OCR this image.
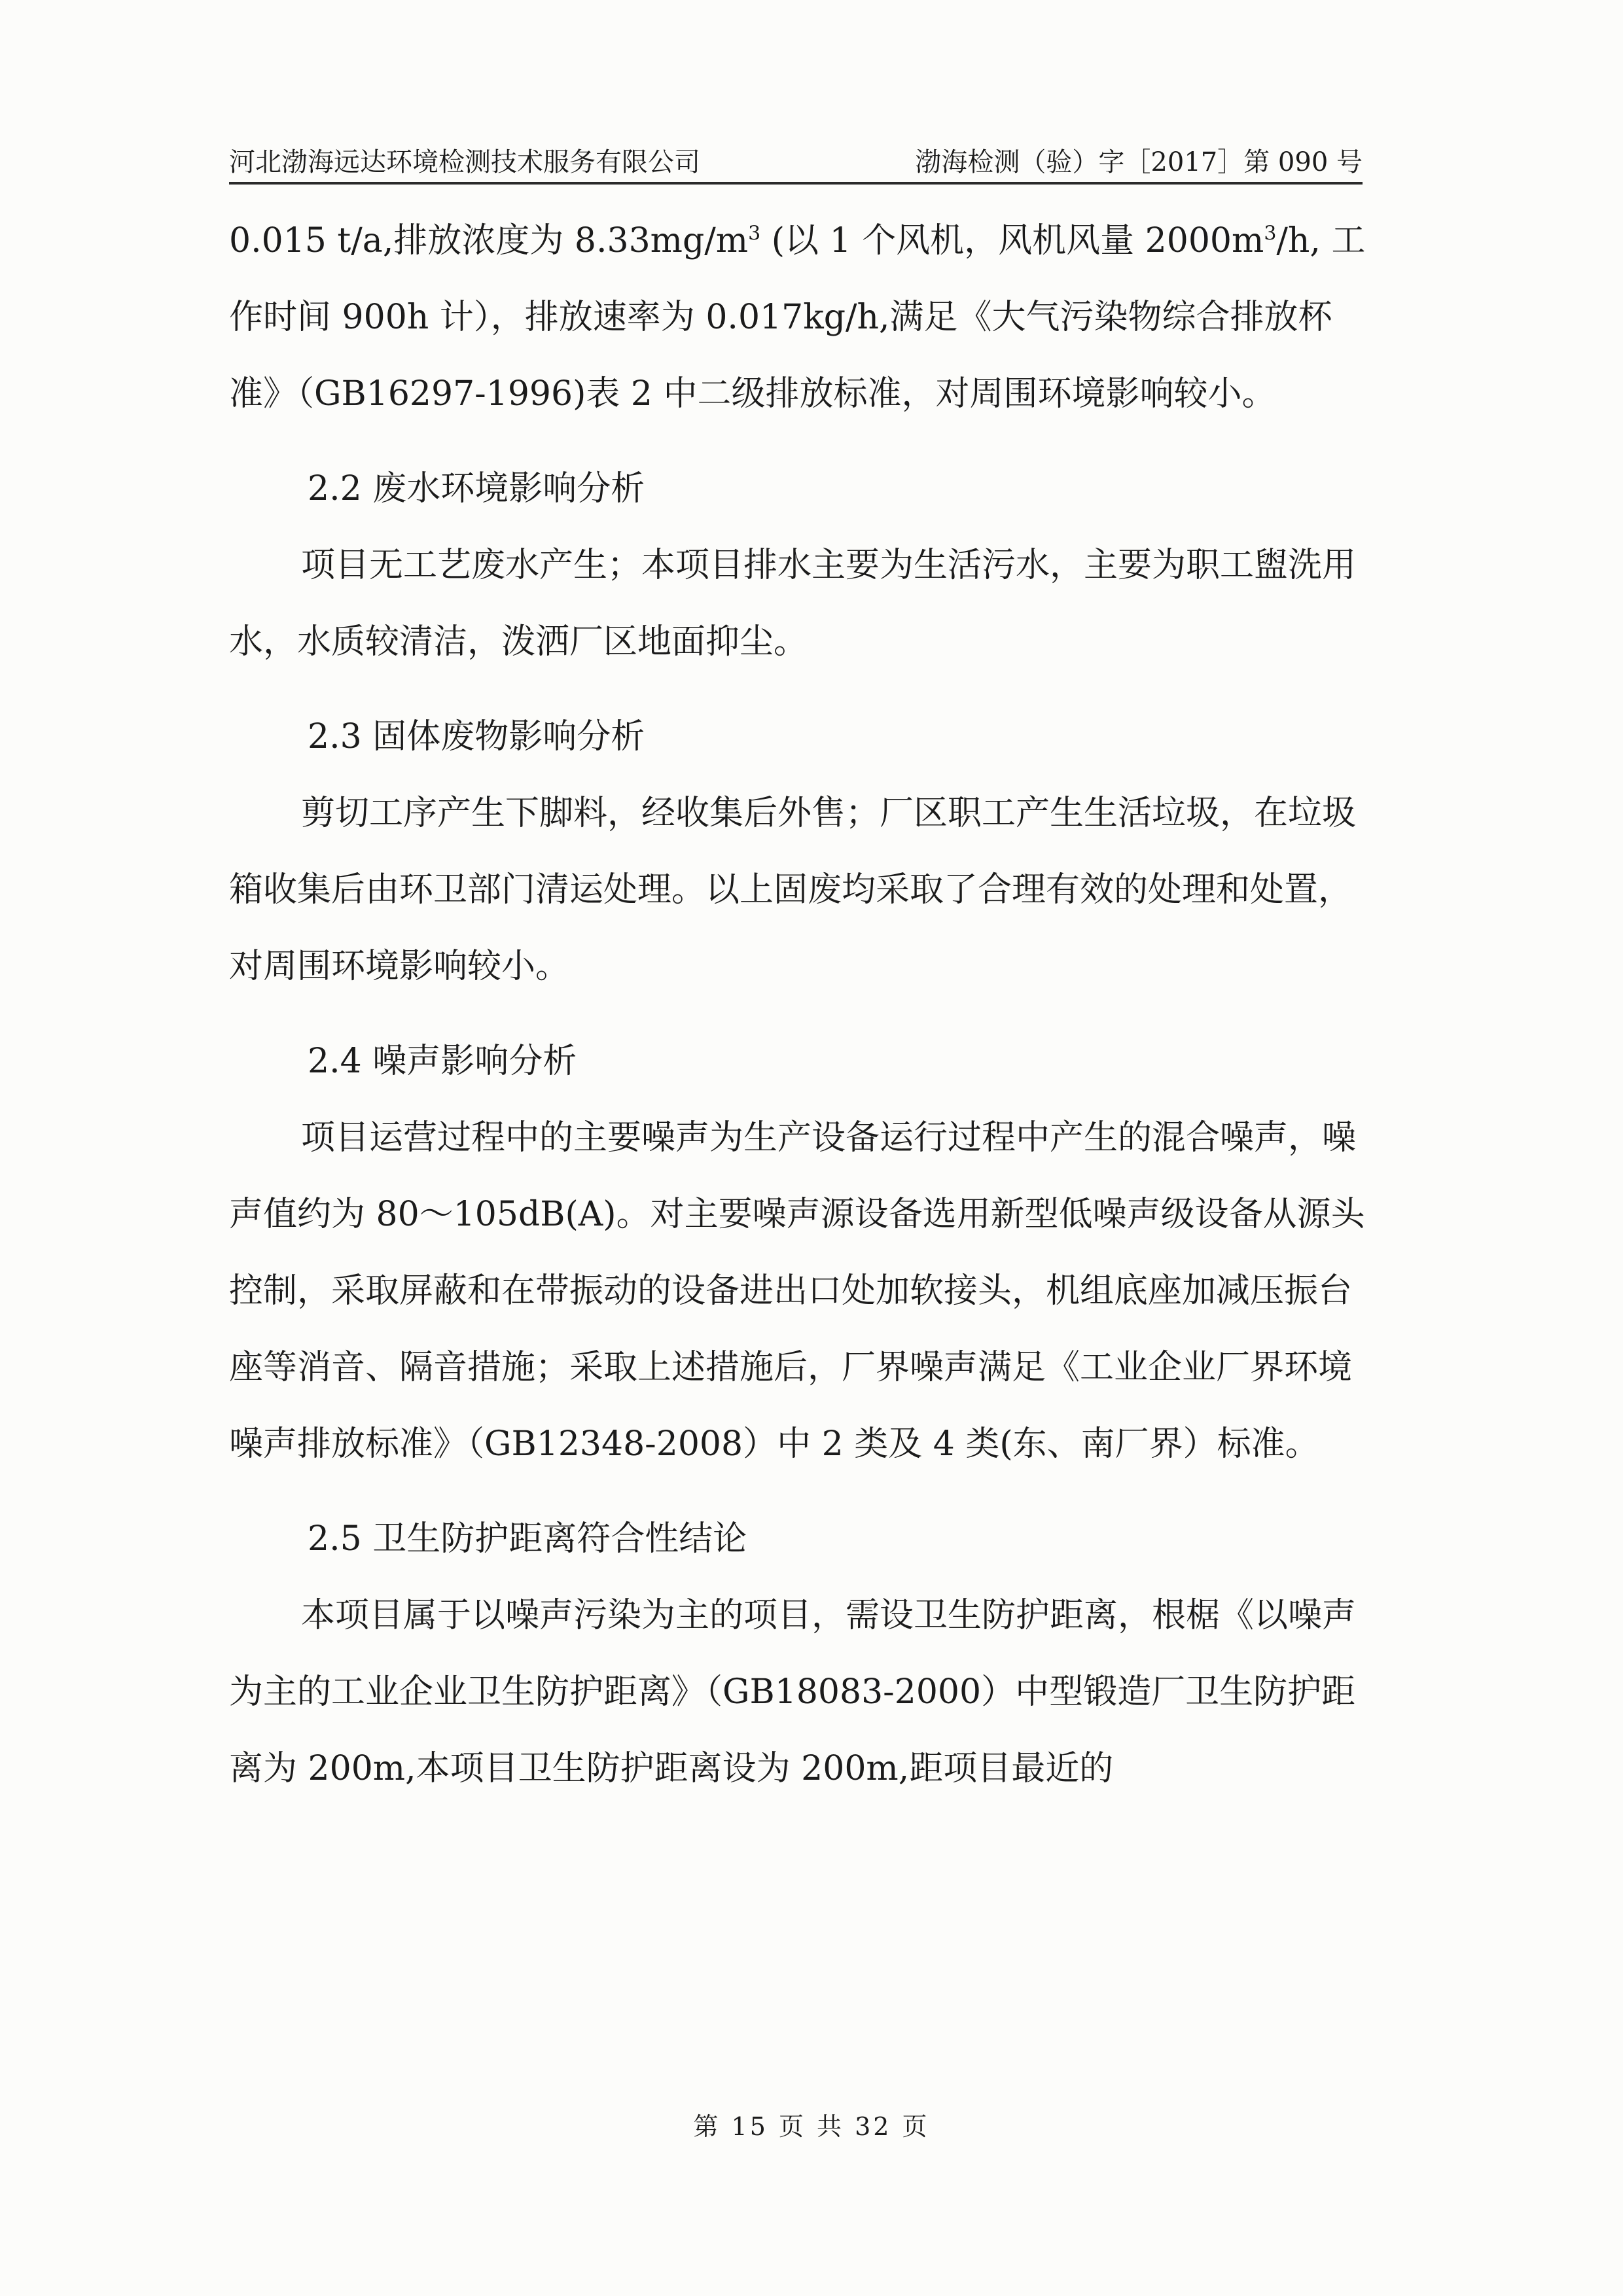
河北渤海远达环境检测技术服务有限公司	渤海检测（验）字［2017］第 090 号

0.015 t/a,排放浓度为 $8.33mg/m^3$ (以 1 个风机，风机风量 $2000m^3/h$, 工作时间 900h 计），排放速率为 0.017kg/h,满足《大气污染物综合排放杯准》（GB16297-1996)表 2 中二级排放标准，对周围环境影响较小。

2.2 废水环境影响分析

项目无工艺废水产生；本项目排水主要为生活污水，主要为职工盥洗用水，水质较清洁，泼洒厂区地面抑尘。

2.3 固体废物影响分析

剪切工序产生下脚料，经收集后外售；厂区职工产生生活垃圾，在垃圾箱收集后由环卫部门清运处理。以上固废均采取了合理有效的处理和处置，对周围环境影响较小。

2.4 噪声影响分析

项目运营过程中的主要噪声为生产设备运行过程中产生的混合噪声，噪声值约为 80～105dB(A)。对主要噪声源设备选用新型低噪声级设备从源头控制，采取屏蔽和在带振动的设备进出口处加软接头，机组底座加减压振台座等消音、隔音措施；采取上述措施后，厂界噪声满足《工业企业厂界环境噪声排放标准》（GB12348-2008）中 2 类及 4 类(东、南厂界）标准。

2.5 卫生防护距离符合性结论

本项目属于以噪声污染为主的项目，需设卫生防护距离，根椐《以噪声为主的工业企业卫生防护距离》（GB18083-2000）中型锻造厂卫生防护距离为 200m,本项目卫生防护距离设为 200m,距项目最近的

第 15 页 共 32 页
